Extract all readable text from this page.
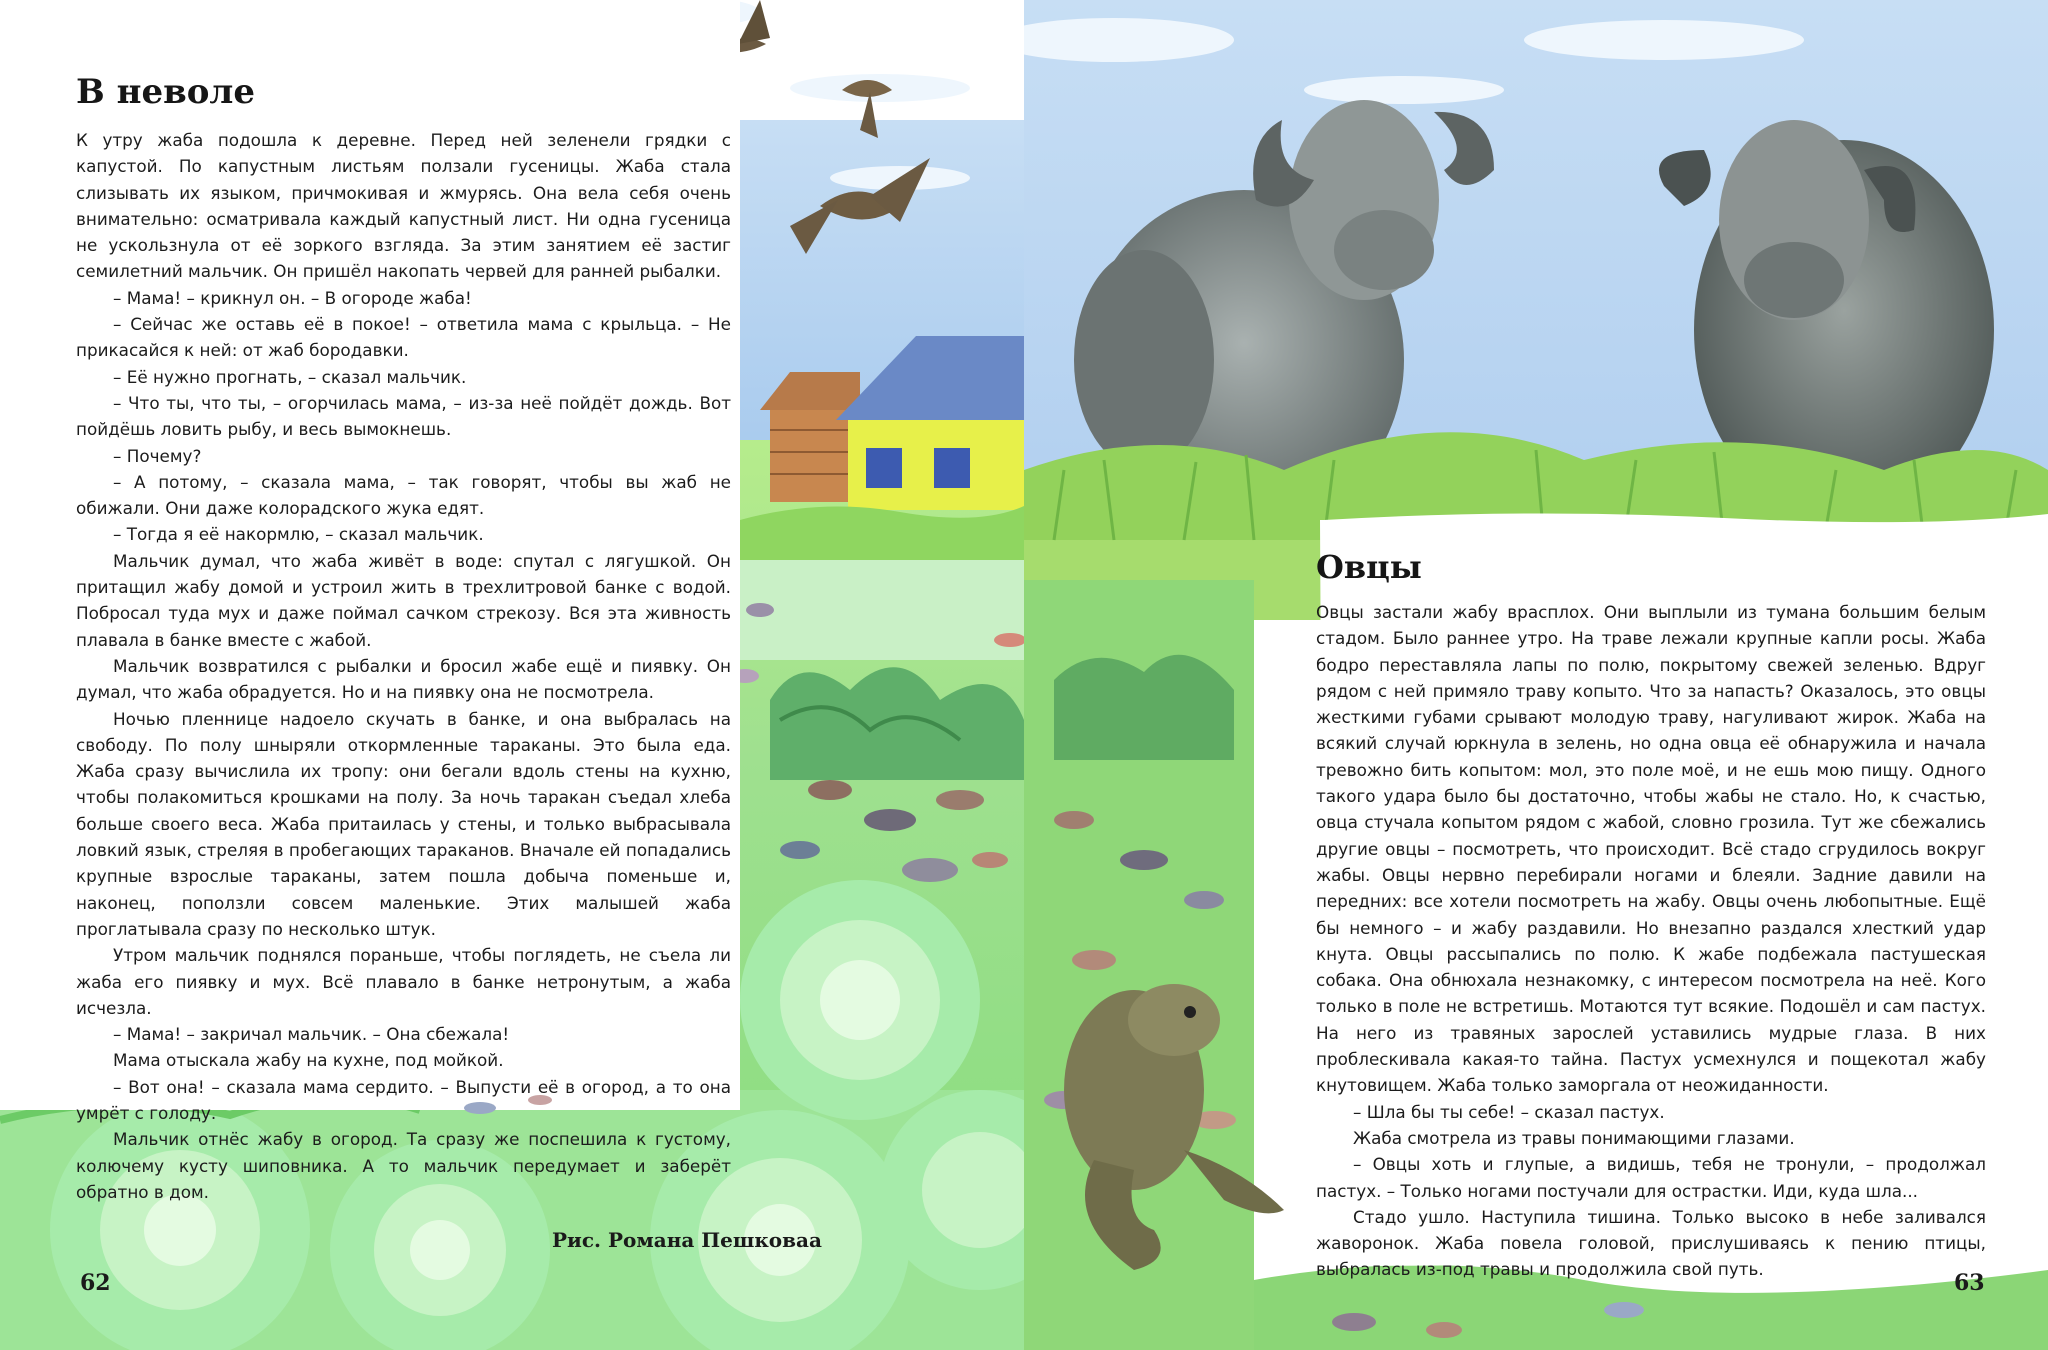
В неволе

К утру жаба подошла к деревне. Перед ней зеленели грядки с капустой. По капустным листьям ползали гусеницы. Жаба стала слизывать их языком, причмокивая и жмурясь. Она вела себя очень внимательно: осматривала каждый капустный лист. Ни одна гусеница не ускользнула от её зоркого взгляда. За этим занятием её застиг семилетний мальчик. Он пришёл накопать червей для ранней рыбалки.

– Мама! – крикнул он. – В огороде жаба!

– Сейчас же оставь её в покое! – ответила мама с крыльца. – Не прикасайся к ней: от жаб бородавки.

– Её нужно прогнать, – сказал мальчик.

– Что ты, что ты, – огорчилась мама, – из-за неё пойдёт дождь. Вот пойдёшь ловить рыбу, и весь вымокнешь.

– Почему?

– А потому, – сказала мама, – так говорят, чтобы вы жаб не обижали. Они даже колорадского жука едят.

– Тогда я её накормлю, – сказал мальчик.

Мальчик думал, что жаба живёт в воде: спутал с лягушкой. Он притащил жабу домой и устроил жить в трехлитровой банке с водой. Побросал туда мух и даже поймал сачком стрекозу. Вся эта живность плавала в банке вместе с жабой.

Мальчик возвратился с рыбалки и бросил жабе ещё и пиявку. Он думал, что жаба обрадуется. Но и на пиявку она не посмотрела.

Ночью пленнице надоело скучать в банке, и она выбралась на свободу. По полу шныряли откормленные тараканы. Это была еда. Жаба сразу вычислила их тропу: они бегали вдоль стены на кухню, чтобы полакомиться крошками на полу. За ночь таракан съедал хлеба больше своего веса. Жаба притаилась у стены, и только выбрасывала ловкий язык, стреляя в пробегающих тараканов. Вначале ей попадались крупные взрослые тараканы, затем пошла добыча поменьше и, наконец, поползли совсем маленькие. Этих малышей жаба проглатывала сразу по несколько штук.

Утром мальчик поднялся пораньше, чтобы поглядеть, не съела ли жаба его пиявку и мух. Всё плавало в банке нетронутым, а жаба исчезла.

– Мама! – закричал мальчик. – Она сбежала!

Мама отыскала жабу на кухне, под мойкой.

– Вот она! – сказала мама сердито. – Выпусти её в огород, а то она умрёт с голоду.

Мальчик отнёс жабу в огород. Та сразу же поспешила к густому, колючему кусту шиповника. А то мальчик передумает и заберёт обратно в дом.

Рис. Романа Пешковаа
62
Овцы

Овцы застали жабу врасплох. Они выплыли из тумана большим белым стадом. Было раннее утро. На траве лежали крупные капли росы. Жаба бодро переставляла лапы по полю, покрытому свежей зеленью. Вдруг рядом с ней примяло траву копыто. Что за напасть? Оказалось, это овцы жесткими губами срывают молодую траву, нагуливают жирок. Жаба на всякий случай юркнула в зелень, но одна овца её обнаружила и начала тревожно бить копытом: мол, это поле моё, и не ешь мою пищу. Одного такого удара было бы достаточно, чтобы жабы не стало. Но, к счастью, овца стучала копытом рядом с жабой, словно грозила. Тут же сбежались другие овцы – посмотреть, что происходит. Всё стадо сгрудилось вокруг жабы. Овцы нервно перебирали ногами и блеяли. Задние давили на передних: все хотели посмотреть на жабу. Овцы очень любопытные. Ещё бы немного – и жабу раздавили. Но внезапно раздался хлесткий удар кнута. Овцы рассыпались по полю. К жабе подбежала пастушеская собака. Она обнюхала незнакомку, с интересом посмотрела на неё. Кого только в поле не встретишь. Мотаются тут всякие. Подошёл и сам пастух. На него из травяных зарослей уставились мудрые глаза. В них проблескивала какая-то тайна. Пастух усмехнулся и пощекотал жабу кнутовищем. Жаба только заморгала от неожиданности.

– Шла бы ты себе! – сказал пастух.

Жаба смотрела из травы понимающими глазами.

– Овцы хоть и глупые, а видишь, тебя не тронули, – продолжал пастух. – Только ногами постучали для острастки. Иди, куда шла...

Стадо ушло. Наступила тишина. Только высоко в небе заливался жаворонок. Жаба повела головой, прислушиваясь к пению птицы, выбралась из-под травы и продолжила свой путь.

63
